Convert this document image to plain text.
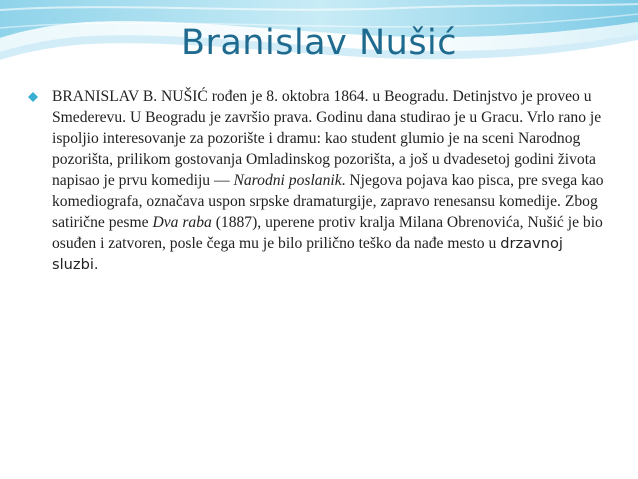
Branislav Nušić

BRANISLAV B. NUŠIĆ rođen je 8. oktobra 1864. u Beogradu. Detinjstvo je proveo u Smederevu. U Beogradu je završio prava. Godinu dana studirao je u Gracu. Vrlo rano je ispoljio interesovanje za pozorište i dramu: kao student glumio je na sceni Narodnog pozorišta, prilikom gostovanja Omladinskog pozorišta, a još u dvadesetoj godini života napisao je prvu komediju — Narodni poslanik. Njegova pojava kao pisca, pre svega kao komediografa, označava uspon srpske dramaturgije, zapravo renesansu komedije. Zbog satirične pesme Dva raba (1887), uperene protiv kralja Milana Obrenovića, Nušić je bio osuđen i zatvoren, posle čega mu je bilo prilično teško da nađe mesto u drzavnoj sluzbi.
